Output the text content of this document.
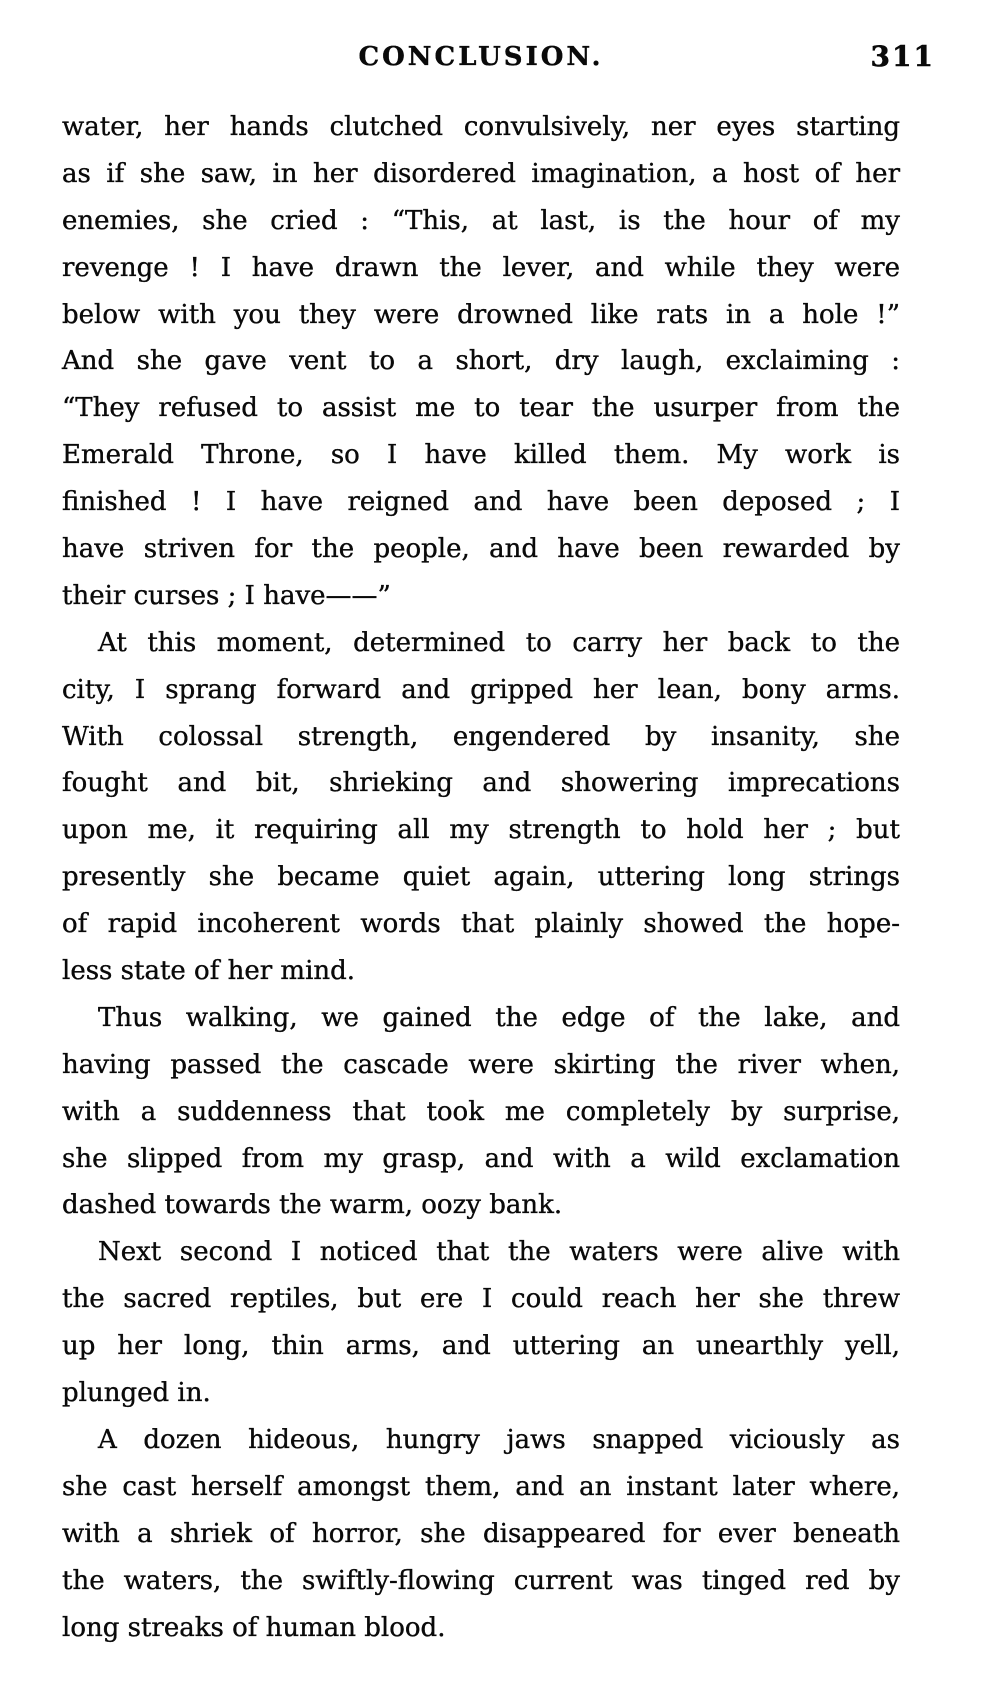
CONCLUSION.	311
water, her hands clutched convulsively, ner eyes starting
as if she saw, in her disordered imagination, a host of her
enemies, she cried : “This, at last, is the hour of my
revenge ! I have drawn the lever, and while they were
below with you they were drowned like rats in a hole !”
And she gave vent to a short, dry laugh, exclaiming :
“They refused to assist me to tear the usurper from the
Emerald Throne, so I have killed them. My work is
finished ! I have reigned and have been deposed ; I
have striven for the people, and have been rewarded by
their curses ; I have——”
At this moment, determined to carry her back to the
city, I sprang forward and gripped her lean, bony arms.
With colossal strength, engendered by insanity, she
fought and bit, shrieking and showering imprecations
upon me, it requiring all my strength to hold her ; but
presently she became quiet again, uttering long strings
of rapid incoherent words that plainly showed the hope-
less state of her mind.
Thus walking, we gained the edge of the lake, and
having passed the cascade were skirting the river when,
with a suddenness that took me completely by surprise,
she slipped from my grasp, and with a wild exclamation
dashed towards the warm, oozy bank.
Next second I noticed that the waters were alive with
the sacred reptiles, but ere I could reach her she threw
up her long, thin arms, and uttering an unearthly yell,
plunged in.
A dozen hideous, hungry jaws snapped viciously as
she cast herself amongst them, and an instant later where,
with a shriek of horror, she disappeared for ever beneath
the waters, the swiftly-flowing current was tinged red by
long streaks of human blood.
